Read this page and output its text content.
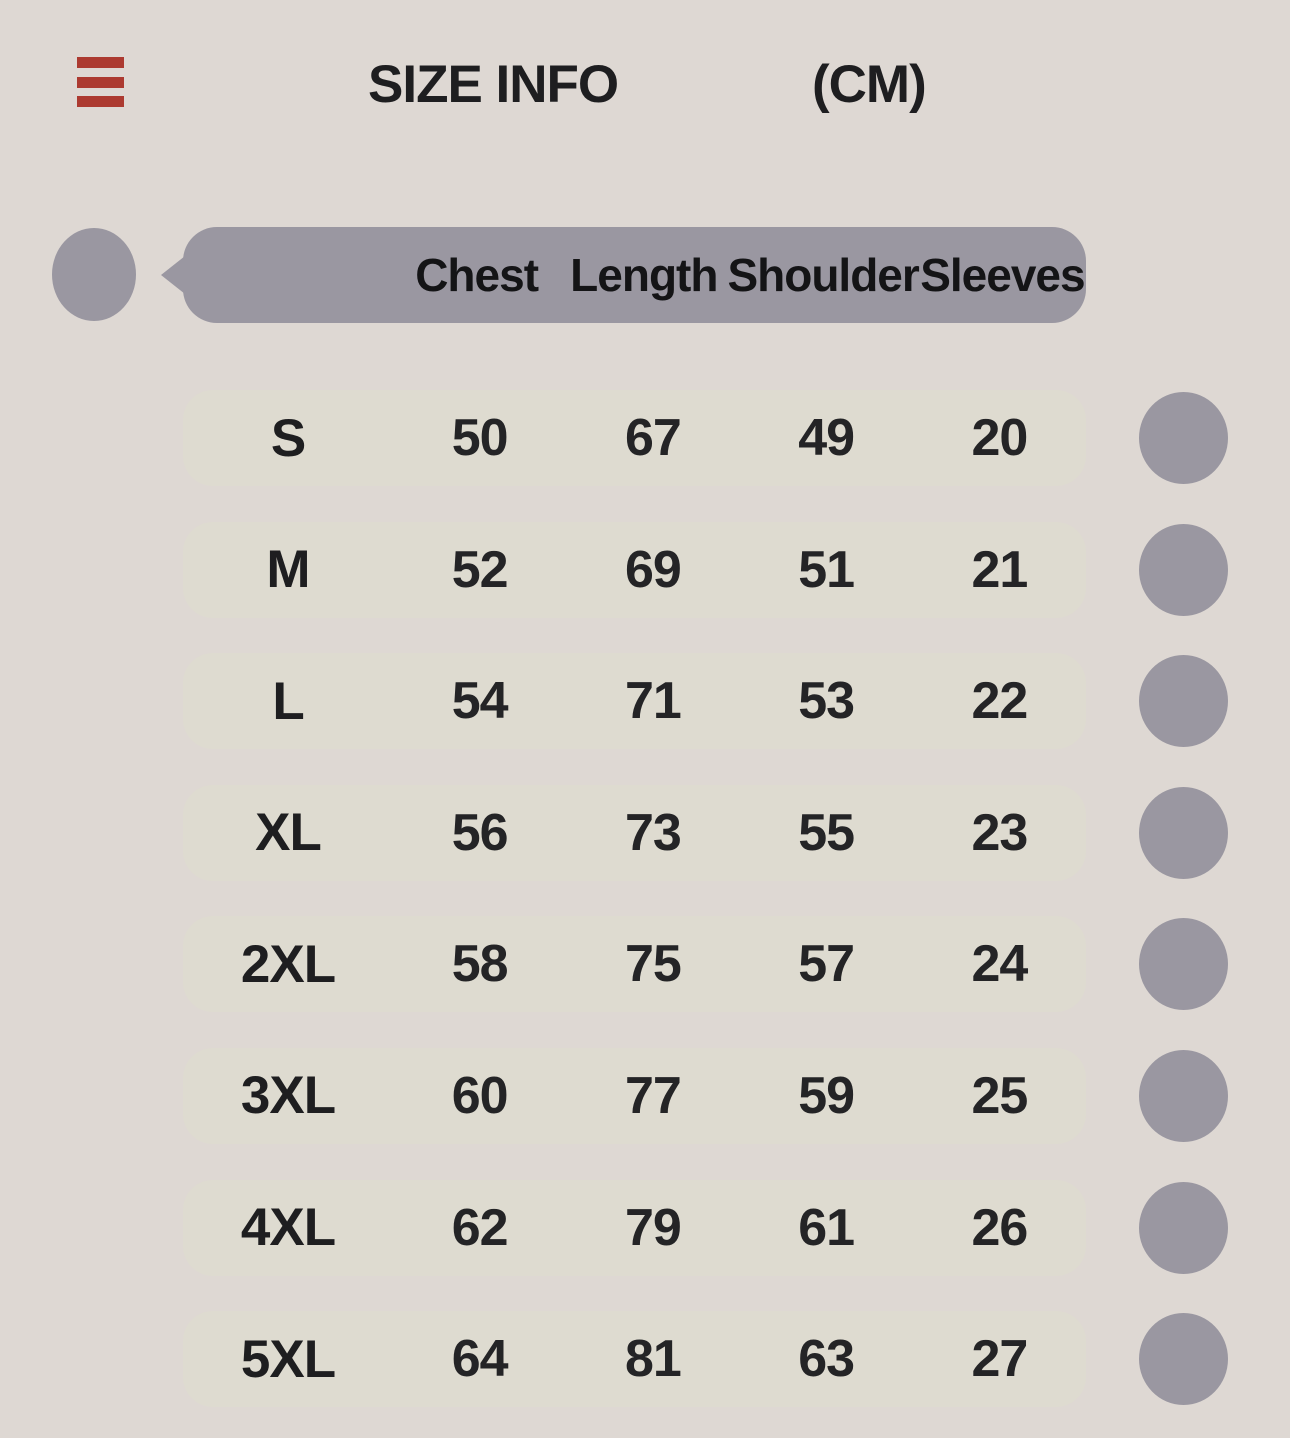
SIZE INFO	(CM)
Chest Length Shoulder Sleeves
S	50	67	49	20
M	52	69	51	21
L	54	71	53	22
XL	56	73	55	23
2XL	58	75	57	24
3XL	60	77	59	25
4XL	62	79	61	26
5XL	64	81	63	27
